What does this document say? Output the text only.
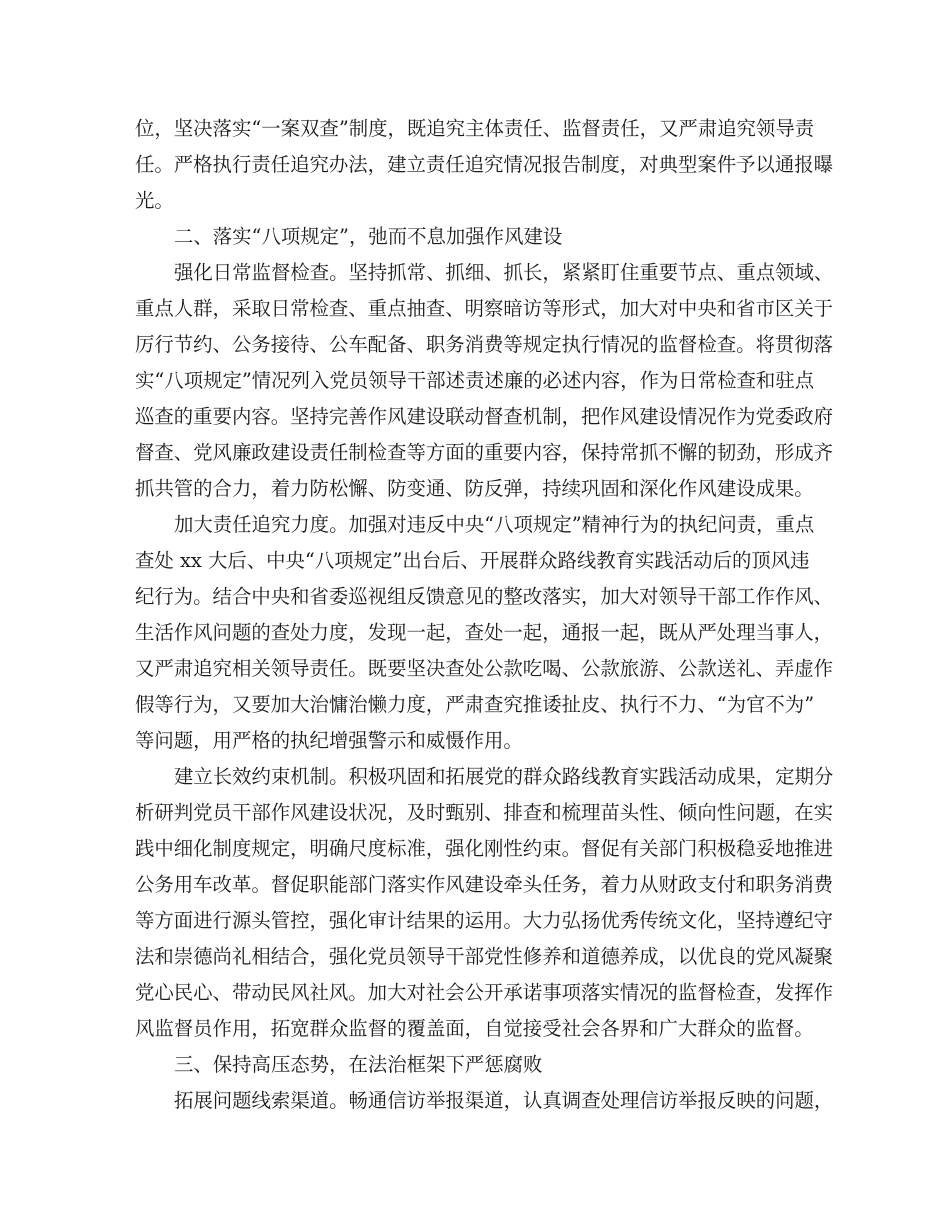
位，坚决落实“一案双查”制度，既追究主体责任、监督责任，又严肃追究领导责
任。严格执行责任追究办法，建立责任追究情况报告制度，对典型案件予以通报曝
光。
二、落实“八项规定”，弛而不息加强作风建设
强化日常监督检查。坚持抓常、抓细、抓长，紧紧盯住重要节点、重点领域、
重点人群，采取日常检查、重点抽查、明察暗访等形式，加大对中央和省市区关于
厉行节约、公务接待、公车配备、职务消费等规定执行情况的监督检查。将贯彻落
实“八项规定”情况列入党员领导干部述责述廉的必述内容，作为日常检查和驻点
巡查的重要内容。坚持完善作风建设联动督查机制，把作风建设情况作为党委政府
督查、党风廉政建设责任制检查等方面的重要内容，保持常抓不懈的韧劲，形成齐
抓共管的合力，着力防松懈、防变通、防反弹，持续巩固和深化作风建设成果。
加大责任追究力度。加强对违反中央“八项规定”精神行为的执纪问责，重点
查处 xx 大后、中央“八项规定”出台后、开展群众路线教育实践活动后的顶风违
纪行为。结合中央和省委巡视组反馈意见的整改落实，加大对领导干部工作作风、
生活作风问题的查处力度，发现一起，查处一起，通报一起，既从严处理当事人，
又严肃追究相关领导责任。既要坚决查处公款吃喝、公款旅游、公款送礼、弄虚作
假等行为，又要加大治慵治懒力度，严肃查究推诿扯皮、执行不力、“为官不为”
等问题，用严格的执纪增强警示和威慑作用。
建立长效约束机制。积极巩固和拓展党的群众路线教育实践活动成果，定期分
析研判党员干部作风建设状况，及时甄别、排查和梳理苗头性、倾向性问题，在实
践中细化制度规定，明确尺度标准，强化刚性约束。督促有关部门积极稳妥地推进
公务用车改革。督促职能部门落实作风建设牵头任务，着力从财政支付和职务消费
等方面进行源头管控，强化审计结果的运用。大力弘扬优秀传统文化，坚持遵纪守
法和崇德尚礼相结合，强化党员领导干部党性修养和道德养成，以优良的党风凝聚
党心民心、带动民风社风。加大对社会公开承诺事项落实情况的监督检查，发挥作
风监督员作用，拓宽群众监督的覆盖面，自觉接受社会各界和广大群众的监督。
三、保持高压态势，在法治框架下严惩腐败
拓展问题线索渠道。畅通信访举报渠道，认真调查处理信访举报反映的问题，
